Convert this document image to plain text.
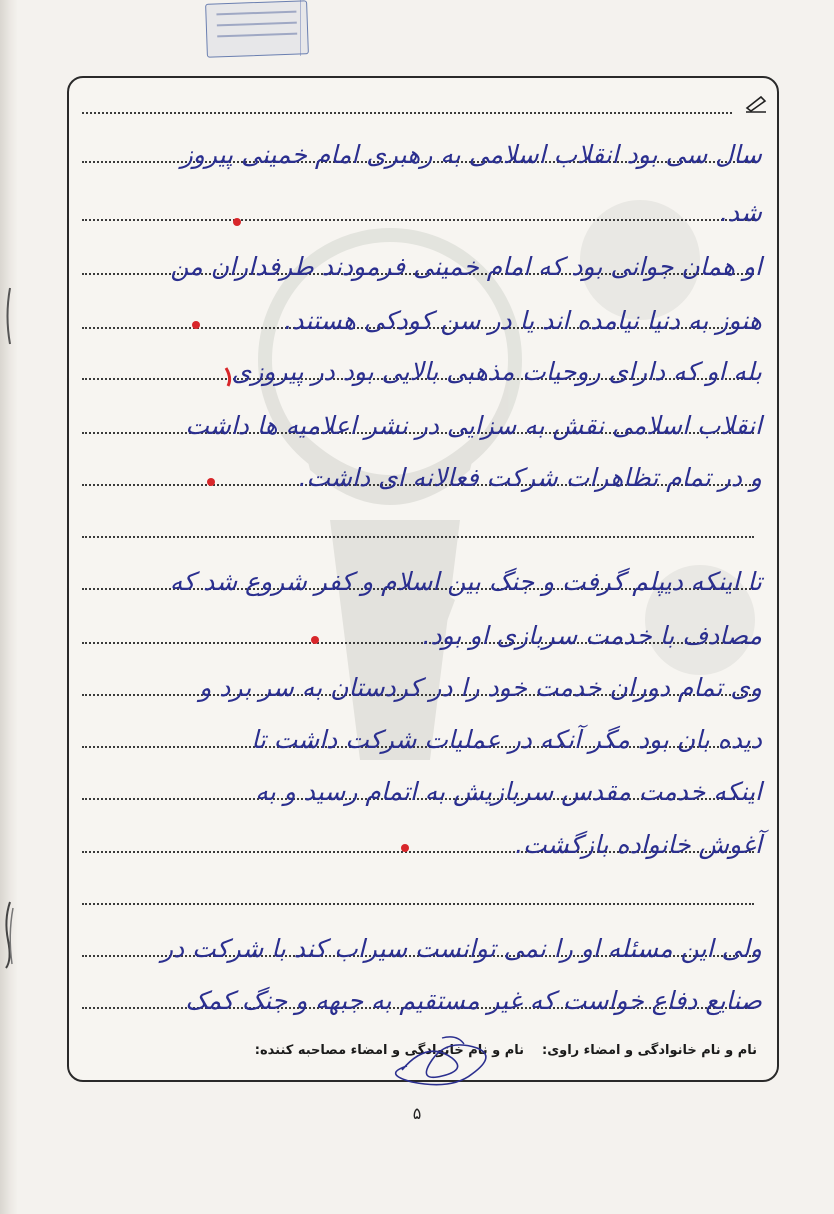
سال سی بود انقلاب اسلامی به رهبری امام خمینی پیروز
شد.
او همان جوانی بود که امام خمینی فرمودند طرفداران من
هنوز به دنیا نیامده اند یا در سن کودکی هستند.
بله او که دارای روحیات مذهبی بالایی بود در پیروزی
انقلاب اسلامی نقش به سزایی در نشر اعلامیه ها داشت
و در تمام تظاهرات شرکت فعالانه ای داشت.
تا اینکه دیپلم گرفت و جنگ بین اسلام و کفر شروع شد که
مصادف با خدمت سربازی او بود.
وی تمام دوران خدمت خود را در کردستان به سر برد و
دیده بان بود مگر آنکه در عملیات شرکت داشت تا
اینکه خدمت مقدس سربازیش به اتمام رسید و به
آغوش خانواده بازگشت.
ولی این مسئله او را نمی توانست سیراب کند با شرکت در
صنایع دفاع خواست که غیر مستقیم به جبهه و جنگ کمک
نام و نام خانوادگی و امضاء مصاحبه کننده: نام و نام خانوادگی و امضاء راوی:
۵
